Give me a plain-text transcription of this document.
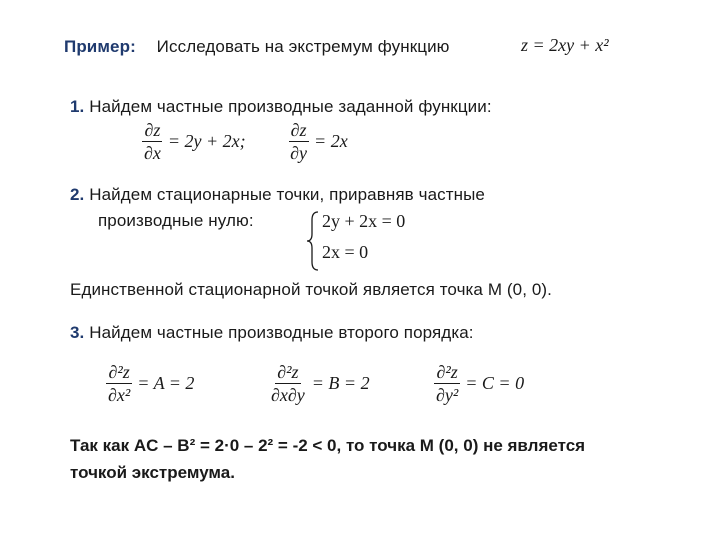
Пример: Исследовать на экстремум функцию	z = 2xy + x²
1. Найдем частные производные заданной функции:
$\frac{\partial z}{\partial x} = 2y + 2x$;
$\frac{\partial z}{\partial y} = 2x$
2. Найдем стационарные точки, приравняв частные
производные нулю:	2y + 2x = 0
2x = 0
Единственной стационарной точкой является точка M (0, 0).
3. Найдем частные производные второго порядка:
$\frac{\text{∂²z}}{\text{∂x²}} = A = 2$	$\frac{\text{∂²z}}{\partial x\partial y} = B = 2$	$\frac{\text{∂²z}}{\text{∂y²}} = C = 0$
Так как AC – B² = 2·0 – 2² = -2 < 0, то точка M (0, 0) не является
точкой экстремума.
